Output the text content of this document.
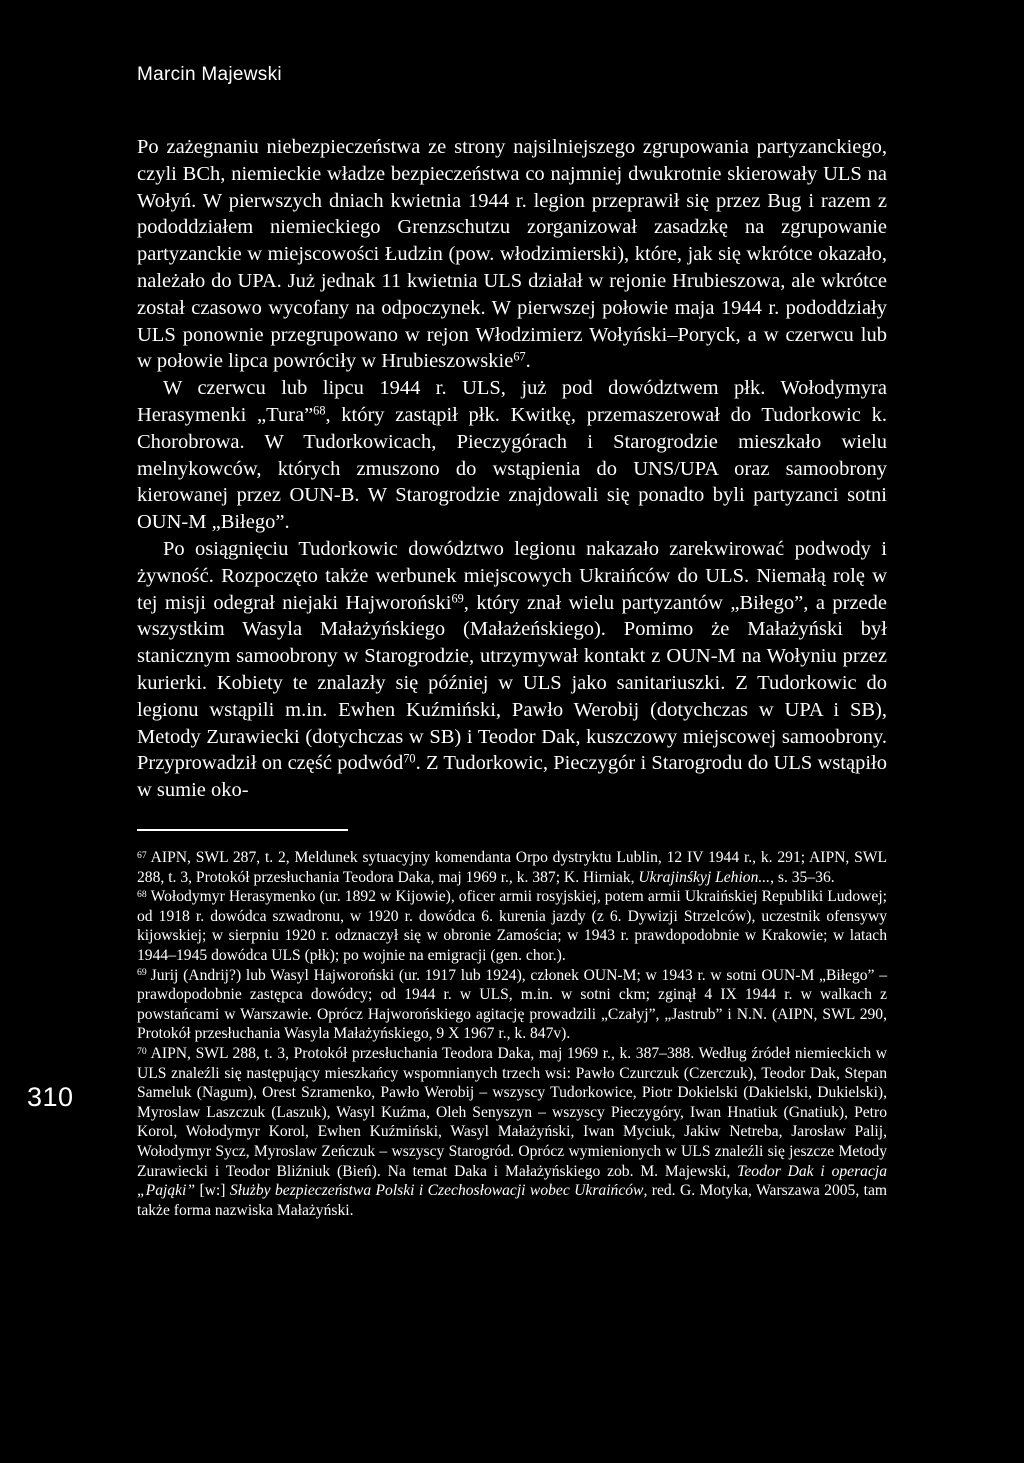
Marcin Majewski

Po zażegnaniu niebezpieczeństwa ze strony najsilniejszego zgrupowania partyzanckiego, czyli BCh, niemieckie władze bezpieczeństwa co najmniej dwukrotnie skierowały ULS na Wołyń. W pierwszych dniach kwietnia 1944 r. legion przeprawił się przez Bug i razem z pododdziałem niemieckiego Grenzschutzu zorganizował zasadzkę na zgrupowanie partyzanckie w miejscowości Łudzin (pow. włodzimierski), które, jak się wkrótce okazało, należało do UPA. Już jednak 11 kwietnia ULS działał w rejonie Hrubieszowa, ale wkrótce został czasowo wycofany na odpoczynek. W pierwszej połowie maja 1944 r. pododdziały ULS ponownie przegrupowano w rejon Włodzimierz Wołyński–Poryck, a w czerwcu lub w połowie lipca powróciły w Hrubieszowskie$^{67}$.

W czerwcu lub lipcu 1944 r. ULS, już pod dowództwem płk. Wołodymyra Herasymenki „Tura”$^{68}$, który zastąpił płk. Kwitkę, przemaszerował do Tudorkowic k. Chorobrowa. W Tudorkowicach, Pieczygórach i Starogrodzie mieszkało wielu melnykowców, których zmuszono do wstąpienia do UNS/UPA oraz samoobrony kierowanej przez OUN-B. W Starogrodzie znajdowali się ponadto byli partyzanci sotni OUN-M „Biłego”.

Po osiągnięciu Tudorkowic dowództwo legionu nakazało zarekwirować podwody i żywność. Rozpoczęto także werbunek miejscowych Ukraińców do ULS. Niemałą rolę w tej misji odegrał niejaki Hajworoński$^{69}$, który znał wielu partyzantów „Biłego”, a przede wszystkim Wasyla Małażyńskiego (Małażeńskiego). Pomimo że Małażyński był stanicznym samoobrony w Starogrodzie, utrzymywał kontakt z OUN-M na Wołyniu przez kurierki. Kobiety te znalazły się później w ULS jako sanitariuszki. Z Tudorkowic do legionu wstąpili m.in. Ewhen Kuźmiński, Pawło Werobij (dotychczas w UPA i SB), Metody Zurawiecki (dotychczas w SB) i Teodor Dak, kuszczowy miejscowej samoobrony. Przyprowadził on część podwód$^{70}$. Z Tudorkowic, Pieczygór i Starogrodu do ULS wstąpiło w sumie oko-

$^{67}$ AIPN, SWL 287, t. 2, Meldunek sytuacyjny komendanta Orpo dystryktu Lublin, 12 IV 1944 r., k. 291; AIPN, SWL 288, t. 3, Protokół przesłuchania Teodora Daka, maj 1969 r., k. 387; K. Hirniak, Ukrajinśkyj Lehion..., s. 35–36.

$^{68}$ Wołodymyr Herasymenko (ur. 1892 w Kijowie), oficer armii rosyjskiej, potem armii Ukraińskiej Republiki Ludowej; od 1918 r. dowódca szwadronu, w 1920 r. dowódca 6. kurenia jazdy (z 6. Dywizji Strzelców), uczestnik ofensywy kijowskiej; w sierpniu 1920 r. odznaczył się w obronie Zamościa; w 1943 r. prawdopodobnie w Krakowie; w latach 1944–1945 dowódca ULS (płk); po wojnie na emigracji (gen. chor.).

$^{69}$ Jurij (Andrij?) lub Wasyl Hajworoński (ur. 1917 lub 1924), członek OUN-M; w 1943 r. w sotni OUN-M „Biłego” – prawdopodobnie zastępca dowódcy; od 1944 r. w ULS, m.in. w sotni ckm; zginął 4 IX 1944 r. w walkach z powstańcami w Warszawie. Oprócz Hajworońskiego agitację prowadzili „Czałyj”, „Jastrub” i N.N. (AIPN, SWL 290, Protokół przesłuchania Wasyla Małażyńskiego, 9 X 1967 r., k. 847v).

$^{70}$ AIPN, SWL 288, t. 3, Protokół przesłuchania Teodora Daka, maj 1969 r., k. 387–388. Według źródeł niemieckich w ULS znaleźli się następujący mieszkańcy wspomnianych trzech wsi: Pawło Czurczuk (Czerczuk), Teodor Dak, Stepan Sameluk (Nagum), Orest Szramenko, Pawło Werobij – wszyscy Tudorkowice, Piotr Dokielski (Dakielski, Dukielski), Myroslaw Laszczuk (Laszuk), Wasyl Kuźma, Oleh Senyszyn – wszyscy Pieczygóry, Iwan Hnatiuk (Gnatiuk), Petro Korol, Wołodymyr Korol, Ewhen Kuźmiński, Wasyl Małażyński, Iwan Myciuk, Jakiw Netreba, Jarosław Palij, Wołodymyr Sycz, Myroslaw Zeńczuk – wszyscy Starogród. Oprócz wymienionych w ULS znaleźli się jeszcze Metody Zurawiecki i Teodor Bliźniuk (Bień). Na temat Daka i Małażyńskiego zob. M. Majewski, Teodor Dak i operacja „Pająki” [w:] Służby bezpieczeństwa Polski i Czechosłowacji wobec Ukraińców, red. G. Motyka, Warszawa 2005, tam także forma nazwiska Małażyński.

310
